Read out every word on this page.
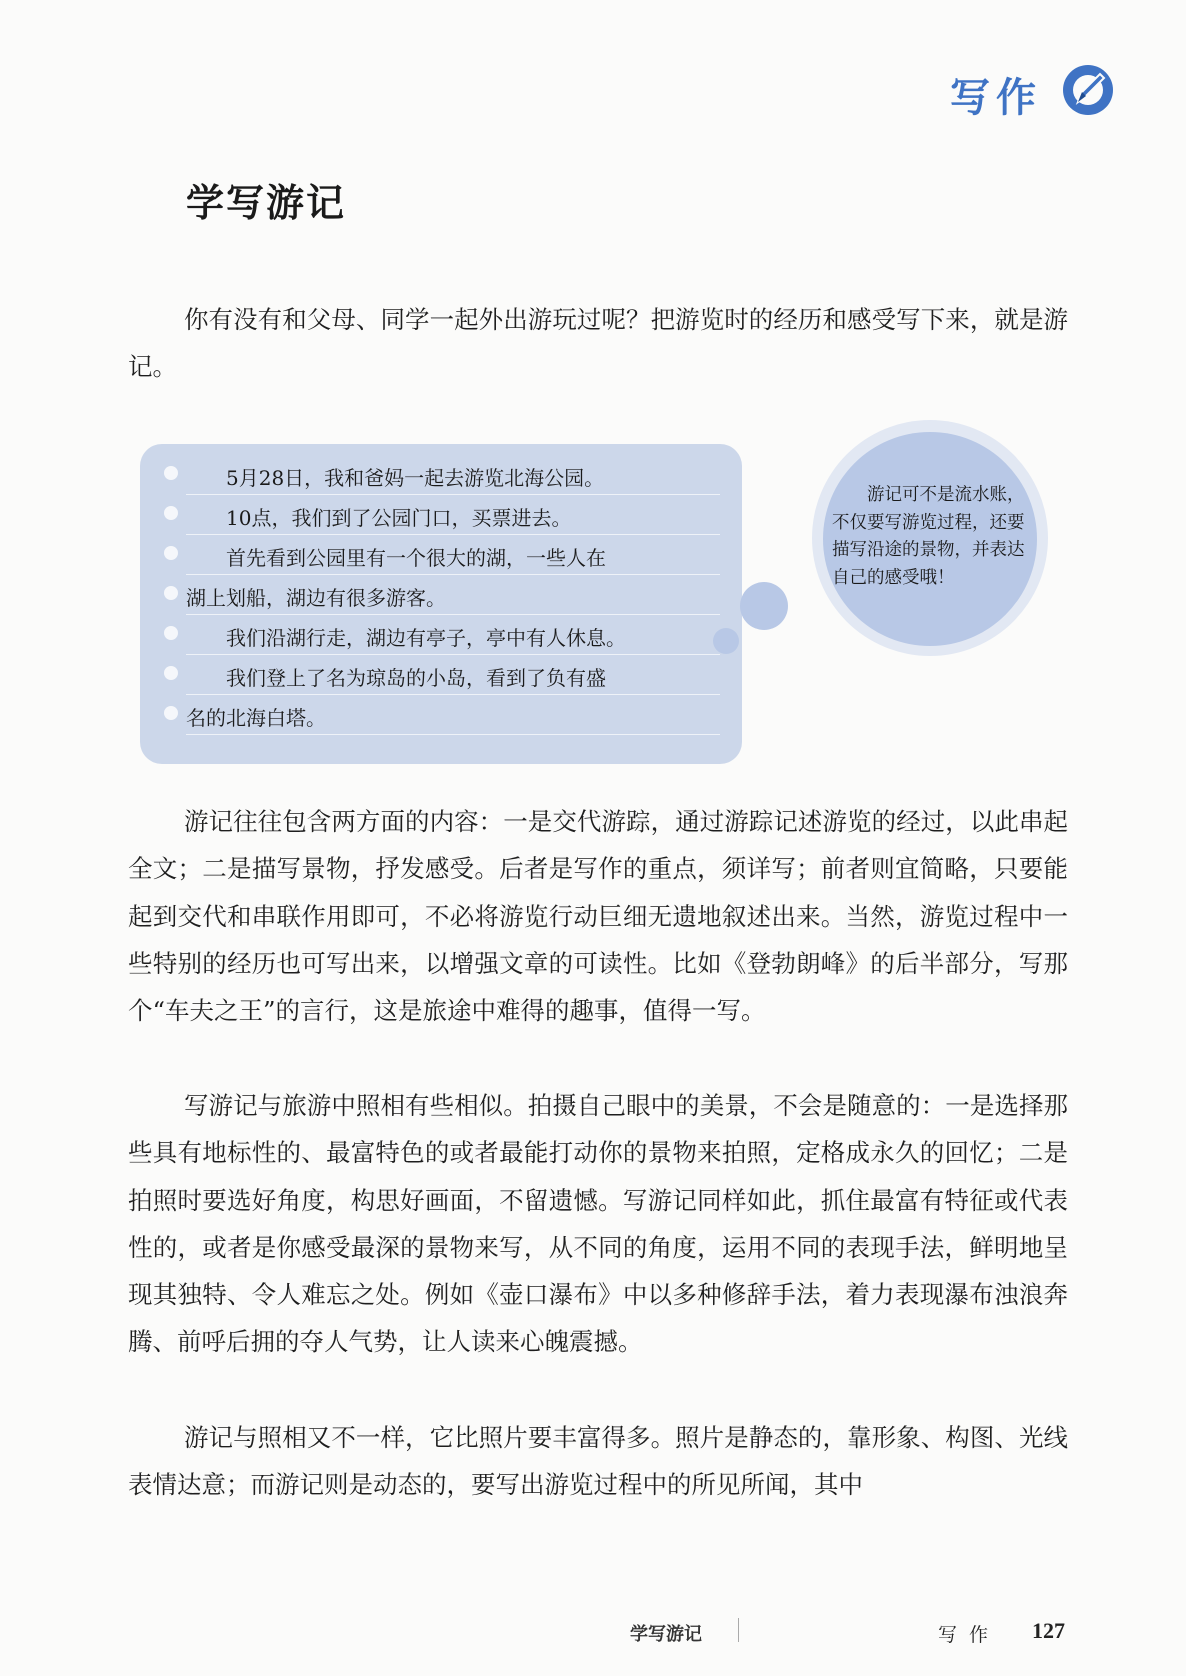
写作
学写游记

你有没有和父母、同学一起外出游玩过呢？把游览时的经历和感受写下来，就是游记。

　　5月28日，我和爸妈一起去游览北海公园。
　　10点，我们到了公园门口，买票进去。
　　首先看到公园里有一个很大的湖，一些人在
湖上划船，湖边有很多游客。
　　我们沿湖行走，湖边有亭子，亭中有人休息。
　　我们登上了名为琼岛的小岛，看到了负有盛
名的北海白塔。

游记可不是流水账，不仅要写游览过程，还要描写沿途的景物，并表达自己的感受哦！

游记往往包含两方面的内容：一是交代游踪，通过游踪记述游览的经过，以此串起全文；二是描写景物，抒发感受。后者是写作的重点，须详写；前者则宜简略，只要能起到交代和串联作用即可，不必将游览行动巨细无遗地叙述出来。当然，游览过程中一些特别的经历也可写出来，以增强文章的可读性。比如《登勃朗峰》的后半部分，写那个“车夫之王”的言行，这是旅途中难得的趣事，值得一写。

写游记与旅游中照相有些相似。拍摄自己眼中的美景，不会是随意的：一是选择那些具有地标性的、最富特色的或者最能打动你的景物来拍照，定格成永久的回忆；二是拍照时要选好角度，构思好画面，不留遗憾。写游记同样如此，抓住最富有特征或代表性的，或者是你感受最深的景物来写，从不同的角度，运用不同的表现手法，鲜明地呈现其独特、令人难忘之处。例如《壶口瀑布》中以多种修辞手法，着力表现瀑布浊浪奔腾、前呼后拥的夺人气势，让人读来心魄震撼。

游记与照相又不一样，它比照片要丰富得多。照片是静态的，靠形象、构图、光线表情达意；而游记则是动态的，要写出游览过程中的所见所闻，其中

学写游记	写作 127
